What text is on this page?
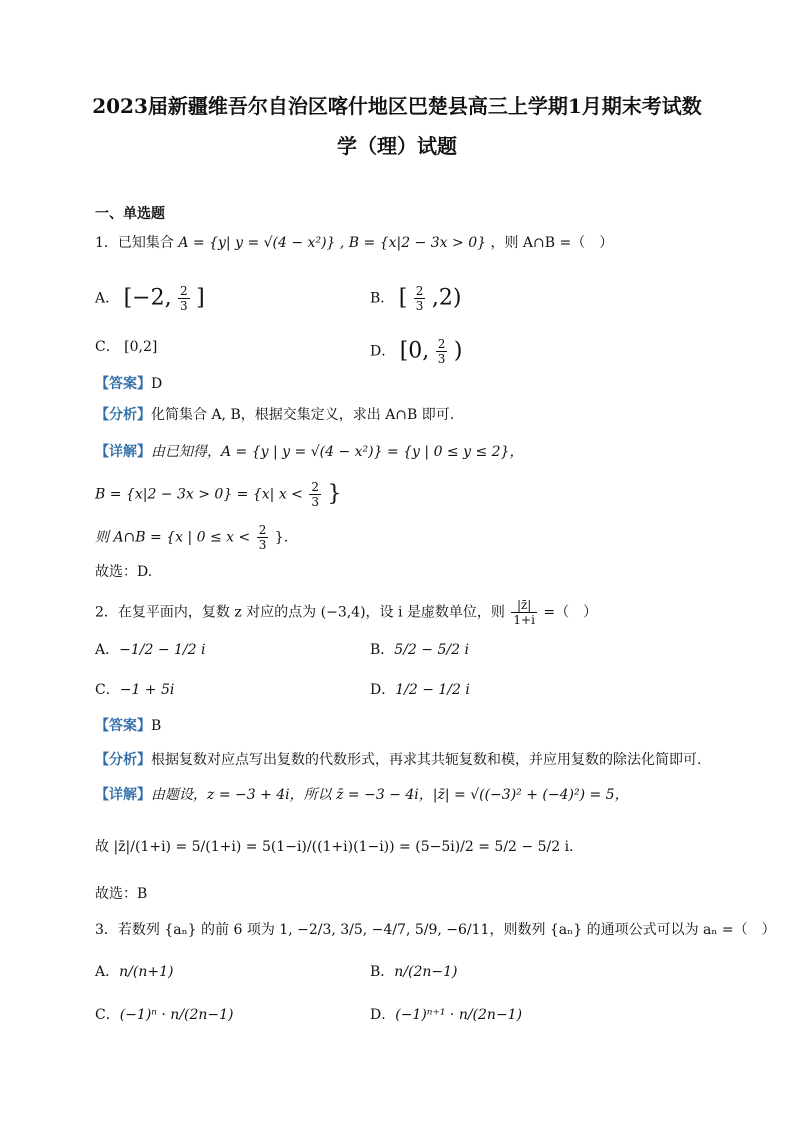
2023届新疆维吾尔自治区喀什地区巴楚县高三上学期1月期末考试数
学（理）试题
一、单选题
1．已知集合 A = {y| y = √(4 − x²)} , B = {x|2 − 3x > 0} ，则 A∩B =（　）
A． [−2, $\frac{2}{3}$ ]	B． [ $\frac{2}{3} ,2$)
C． [0,2]	D． [0, $\frac{2}{3}$ )
【答案】D
【分析】化简集合 A, B，根据交集定义，求出 A∩B 即可.
【详解】由已知得，A = {y | y = √(4 − x²)} = {y | 0 ≤ y ≤ 2}，
B = {x|2 − 3x > 0} = {x| $x < \frac{2}{3}$ }
则 A∩B = {x | $0 \le x < \frac{2}{3}$ }.
故选：D.
2．在复平面内，复数 z 对应的点为 (−3,4)，设 i 是虚数单位，则 $\frac{|z̄|}{1+i}$ =（　）
A．−1/2 − 1/2 i	B．5/2 − 5/2 i
C．−1 + 5i	D．1/2 − 1/2 i
【答案】B
【分析】根据复数对应点写出复数的代数形式，再求其共轭复数和模，并应用复数的除法化简即可.
【详解】由题设，z = −3 + 4i，所以 z̄ = −3 − 4i，|z̄| = √((−3)² + (−4)²) = 5，
故 |z̄|/(1+i) = 5/(1+i) = 5(1−i)/((1+i)(1−i)) = (5−5i)/2 = 5/2 − 5/2 i.
故选：B
3．若数列 {aₙ} 的前 6 项为 1, −2/3, 3/5, −4/7, 5/9, −6/11，则数列 {aₙ} 的通项公式可以为 aₙ =（　）
A．n/(n+1)	B．n/(2n−1)
C．(−1)ⁿ · n/(2n−1)	D．(−1)ⁿ⁺¹ · n/(2n−1)
